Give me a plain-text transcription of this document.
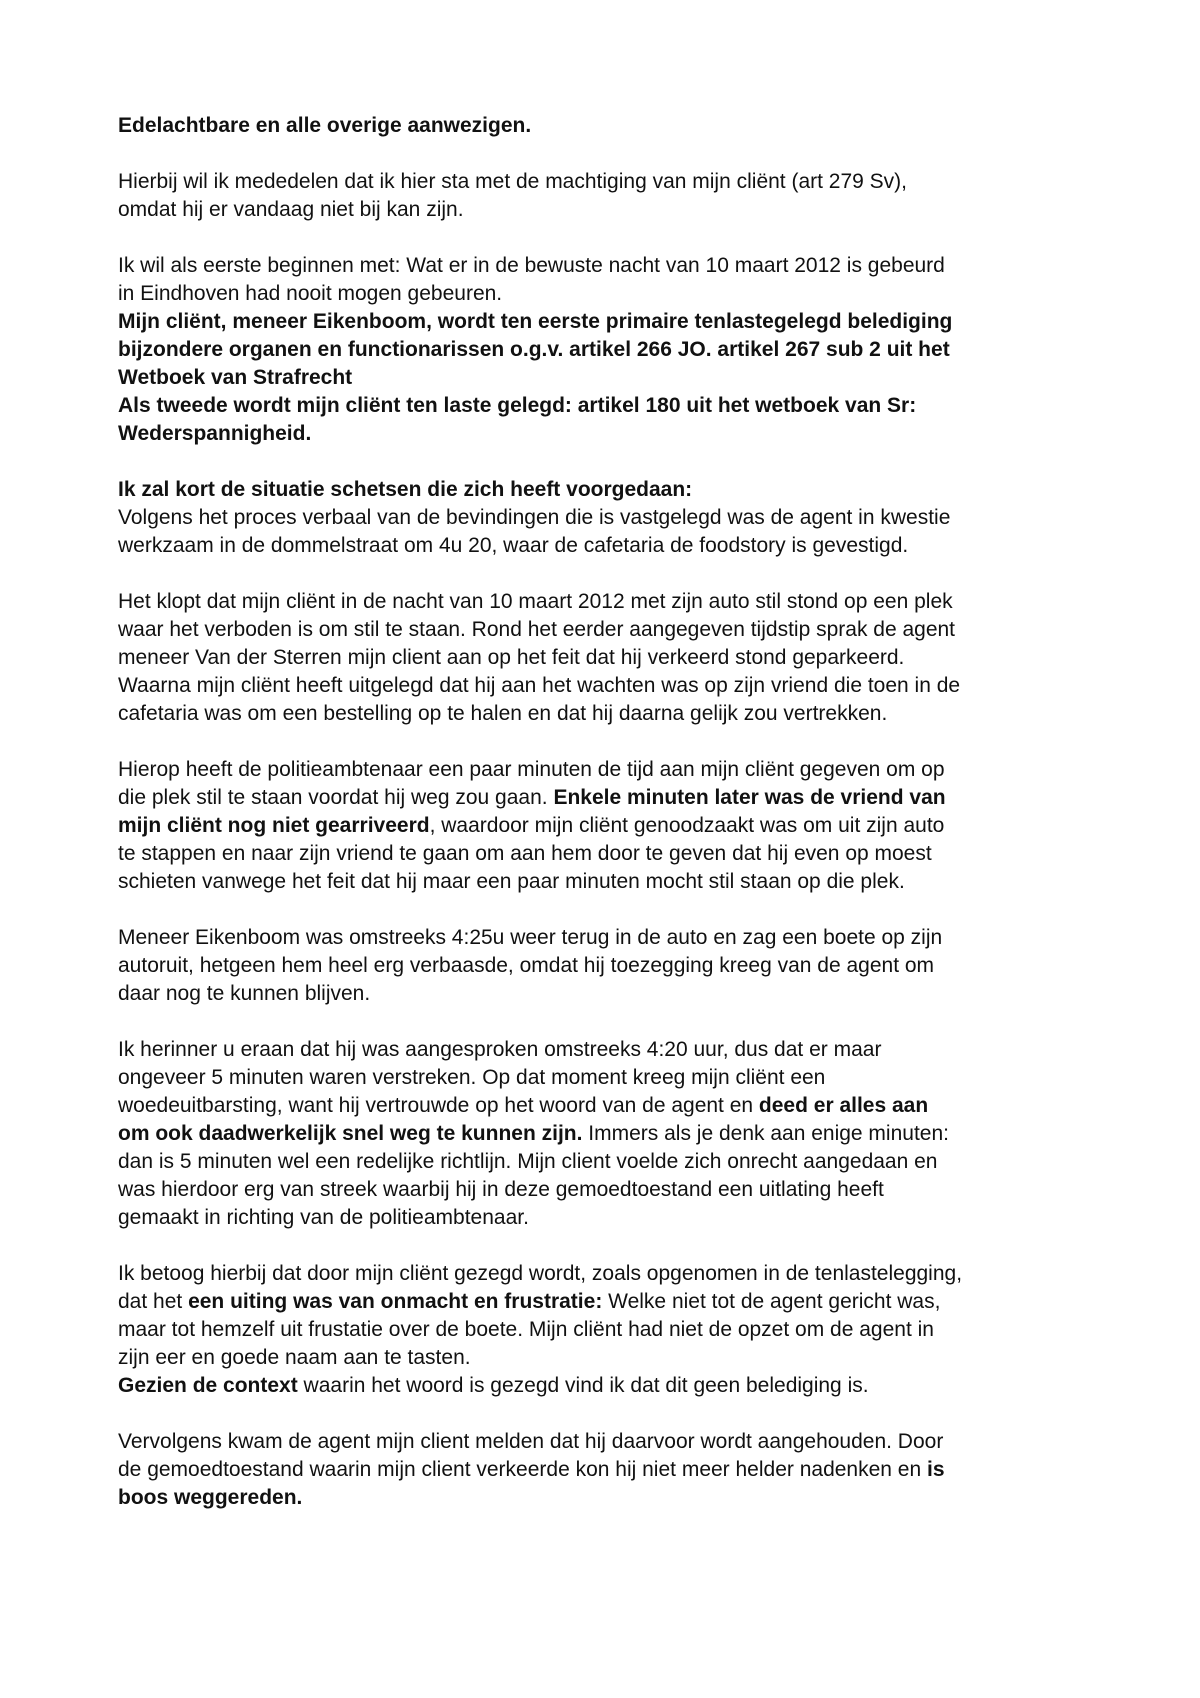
Edelachtbare en alle overige aanwezigen.
Hierbij wil ik mededelen dat ik hier sta met de machtiging van mijn cliënt (art 279 Sv),
omdat hij er vandaag niet bij kan zijn.
Ik wil als eerste beginnen met: Wat er in de bewuste nacht van 10 maart 2012 is gebeurd
in Eindhoven had nooit mogen gebeuren.
Mijn cliënt, meneer Eikenboom, wordt ten eerste primaire tenlastegelegd belediging
bijzondere organen en functionarissen o.g.v. artikel 266 JO. artikel 267 sub 2 uit het
Wetboek van Strafrecht
Als tweede wordt mijn cliënt ten laste gelegd: artikel 180 uit het wetboek van Sr:
Wederspannigheid.
Ik zal kort de situatie schetsen die zich heeft voorgedaan:
Volgens het proces verbaal van de bevindingen die is vastgelegd was de agent in kwestie
werkzaam in de dommelstraat om 4u 20, waar de cafetaria de foodstory is gevestigd.
Het klopt dat mijn cliënt in de nacht van 10 maart 2012 met zijn auto stil stond op een plek
waar het verboden is om stil te staan. Rond het eerder aangegeven tijdstip sprak de agent
meneer Van der Sterren mijn client aan op het feit dat hij verkeerd stond geparkeerd.
Waarna mijn cliënt heeft uitgelegd dat hij aan het wachten was op zijn vriend die toen in de
cafetaria was om een bestelling op te halen en dat hij daarna gelijk zou vertrekken.
Hierop heeft de politieambtenaar een paar minuten de tijd aan mijn cliënt gegeven om op
die plek stil te staan voordat hij weg zou gaan. Enkele minuten later was de vriend van
mijn cliënt nog niet gearriveerd, waardoor mijn cliënt genoodzaakt was om uit zijn auto
te stappen en naar zijn vriend te gaan om aan hem door te geven dat hij even op moest
schieten vanwege het feit dat hij maar een paar minuten mocht stil staan op die plek.
Meneer Eikenboom was omstreeks 4:25u weer terug in de auto en zag een boete op zijn
autoruit, hetgeen hem heel erg verbaasde, omdat hij toezegging kreeg van de agent om
daar nog te kunnen blijven.
Ik herinner u eraan dat hij was aangesproken omstreeks 4:20 uur, dus dat er maar
ongeveer 5 minuten waren verstreken. Op dat moment kreeg mijn cliënt een
woedeuitbarsting, want hij vertrouwde op het woord van de agent en deed er alles aan
om ook daadwerkelijk snel weg te kunnen zijn. Immers als je denk aan enige minuten:
dan is 5 minuten wel een redelijke richtlijn. Mijn client voelde zich onrecht aangedaan en
was hierdoor erg van streek waarbij hij in deze gemoedtoestand een uitlating heeft
gemaakt in richting van de politieambtenaar.
Ik betoog hierbij dat door mijn cliënt gezegd wordt, zoals opgenomen in de tenlastelegging,
dat het een uiting was van onmacht en frustratie: Welke niet tot de agent gericht was,
maar tot hemzelf uit frustatie over de boete. Mijn cliënt had niet de opzet om de agent in
zijn eer en goede naam aan te tasten.
Gezien de context waarin het woord is gezegd vind ik dat dit geen belediging is.
Vervolgens kwam de agent mijn client melden dat hij daarvoor wordt aangehouden. Door
de gemoedtoestand waarin mijn client verkeerde kon hij niet meer helder nadenken en is
boos weggereden.
